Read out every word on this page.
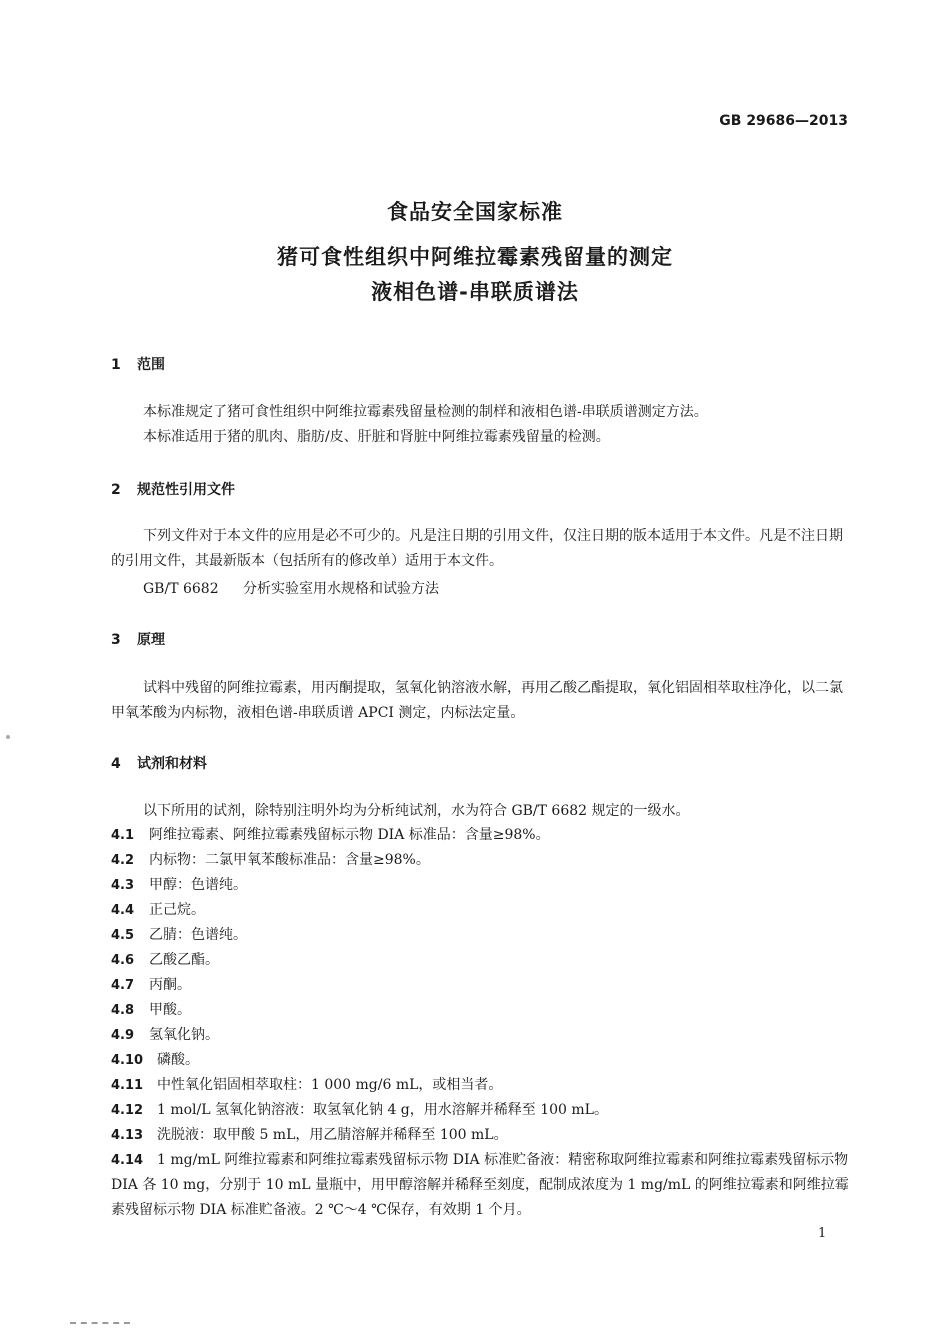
GB 29686—2013
食品安全国家标准
猪可食性组织中阿维拉霉素残留量的测定
液相色谱-串联质谱法
1 范围
本标准规定了猪可食性组织中阿维拉霉素残留量检测的制样和液相色谱-串联质谱测定方法。
本标准适用于猪的肌肉、脂肪/皮、肝脏和肾脏中阿维拉霉素残留量的检测。
2 规范性引用文件
下列文件对于本文件的应用是必不可少的。凡是注日期的引用文件，仅注日期的版本适用于本文件。凡是不注日期的引用文件，其最新版本（包括所有的修改单）适用于本文件。
GB/T 6682 分析实验室用水规格和试验方法
3 原理
试料中残留的阿维拉霉素，用丙酮提取，氢氧化钠溶液水解，再用乙酸乙酯提取，氧化铝固相萃取柱净化，以二氯甲氧苯酸为内标物，液相色谱-串联质谱 APCI 测定，内标法定量。
4 试剂和材料
以下所用的试剂，除特别注明外均为分析纯试剂，水为符合 GB/T 6682 规定的一级水。
4.1 阿维拉霉素、阿维拉霉素残留标示物 DIA 标准品：含量≥98%。
4.2 内标物：二氯甲氧苯酸标准品：含量≥98%。
4.3 甲醇：色谱纯。
4.4 正己烷。
4.5 乙腈：色谱纯。
4.6 乙酸乙酯。
4.7 丙酮。
4.8 甲酸。
4.9 氢氧化钠。
4.10 磷酸。
4.11 中性氧化铝固相萃取柱：1 000 mg/6 mL，或相当者。
4.12 1 mol/L 氢氧化钠溶液：取氢氧化钠 4 g，用水溶解并稀释至 100 mL。
4.13 洗脱液：取甲酸 5 mL，用乙腈溶解并稀释至 100 mL。
4.14 1 mg/mL 阿维拉霉素和阿维拉霉素残留标示物 DIA 标准贮备液：精密称取阿维拉霉素和阿维拉霉素残留标示物 DIA 各 10 mg，分别于 10 mL 量瓶中，用甲醇溶解并稀释至刻度，配制成浓度为 1 mg/mL 的阿维拉霉素和阿维拉霉素残留标示物 DIA 标准贮备液。2 ℃～4 ℃保存，有效期 1 个月。
1
